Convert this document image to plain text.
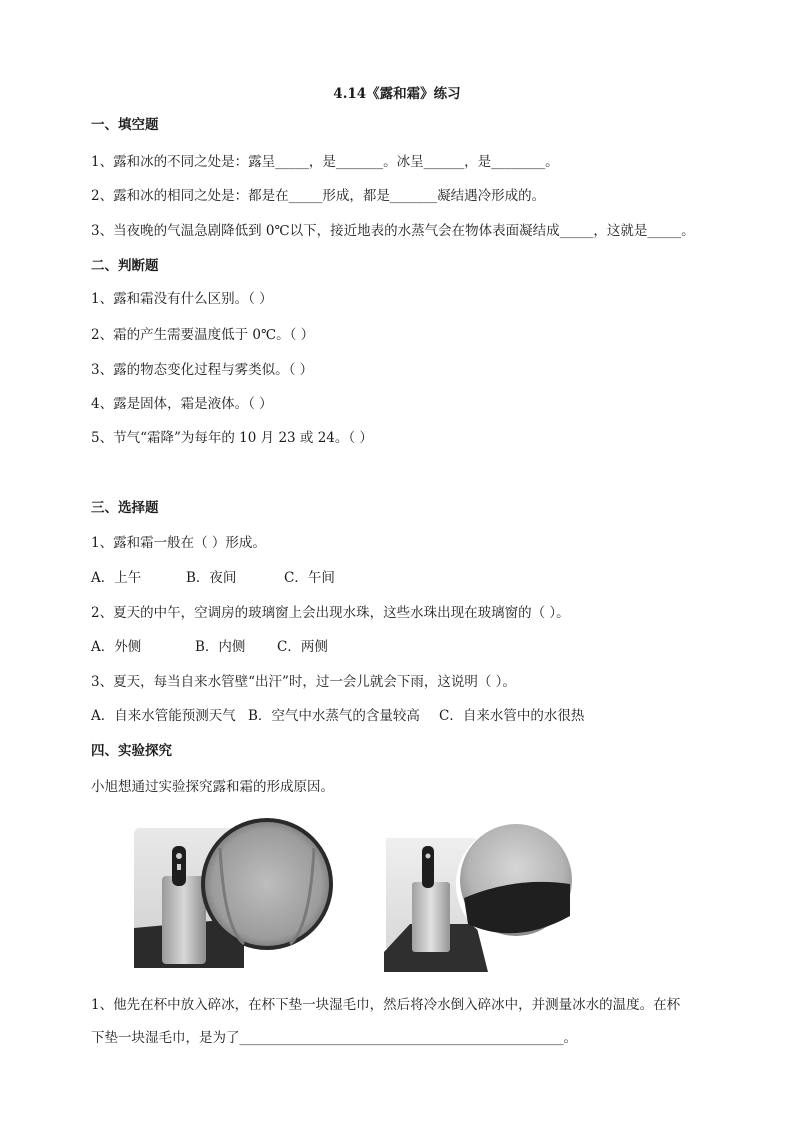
4.14《露和霜》练习
一、填空题
1、露和冰的不同之处是：露呈_____，是_______。冰呈______，是________。
2、露和冰的相同之处是：都是在_____形成，都是_______凝结遇冷形成的。
3、当夜晚的气温急剧降低到 0℃以下，接近地表的水蒸气会在物体表面凝结成_____，这就是_____。
二、判断题
1、露和霜没有什么区别。（ ）
2、霜的产生需要温度低于 0℃。（ ）
3、露的物态变化过程与雾类似。（ ）
4、露是固体，霜是液体。（ ）
5、节气“霜降”为每年的 10 月 23 或 24。（ ）
三、选择题
1、露和霜一般在（ ）形成。
A．上午	B．夜间	C．午间
2、夏天的中午，空调房的玻璃窗上会出现水珠，这些水珠出现在玻璃窗的（ ）。
A．外侧	B．内侧 C．两侧
3、夏天，每当自来水管壁“出汗”时，过一会儿就会下雨，这说明（ ）。
A．自来水管能预测天气 B．空气中水蒸气的含量较高 C．自来水管中的水很热
四、实验探究
小旭想通过实验探究露和霜的形成原因。
1、他先在杯中放入碎冰，在杯下垫一块湿毛巾，然后将冷水倒入碎冰中，并测量冰水的温度。在杯
下垫一块湿毛巾，是为了________________________________________________。
